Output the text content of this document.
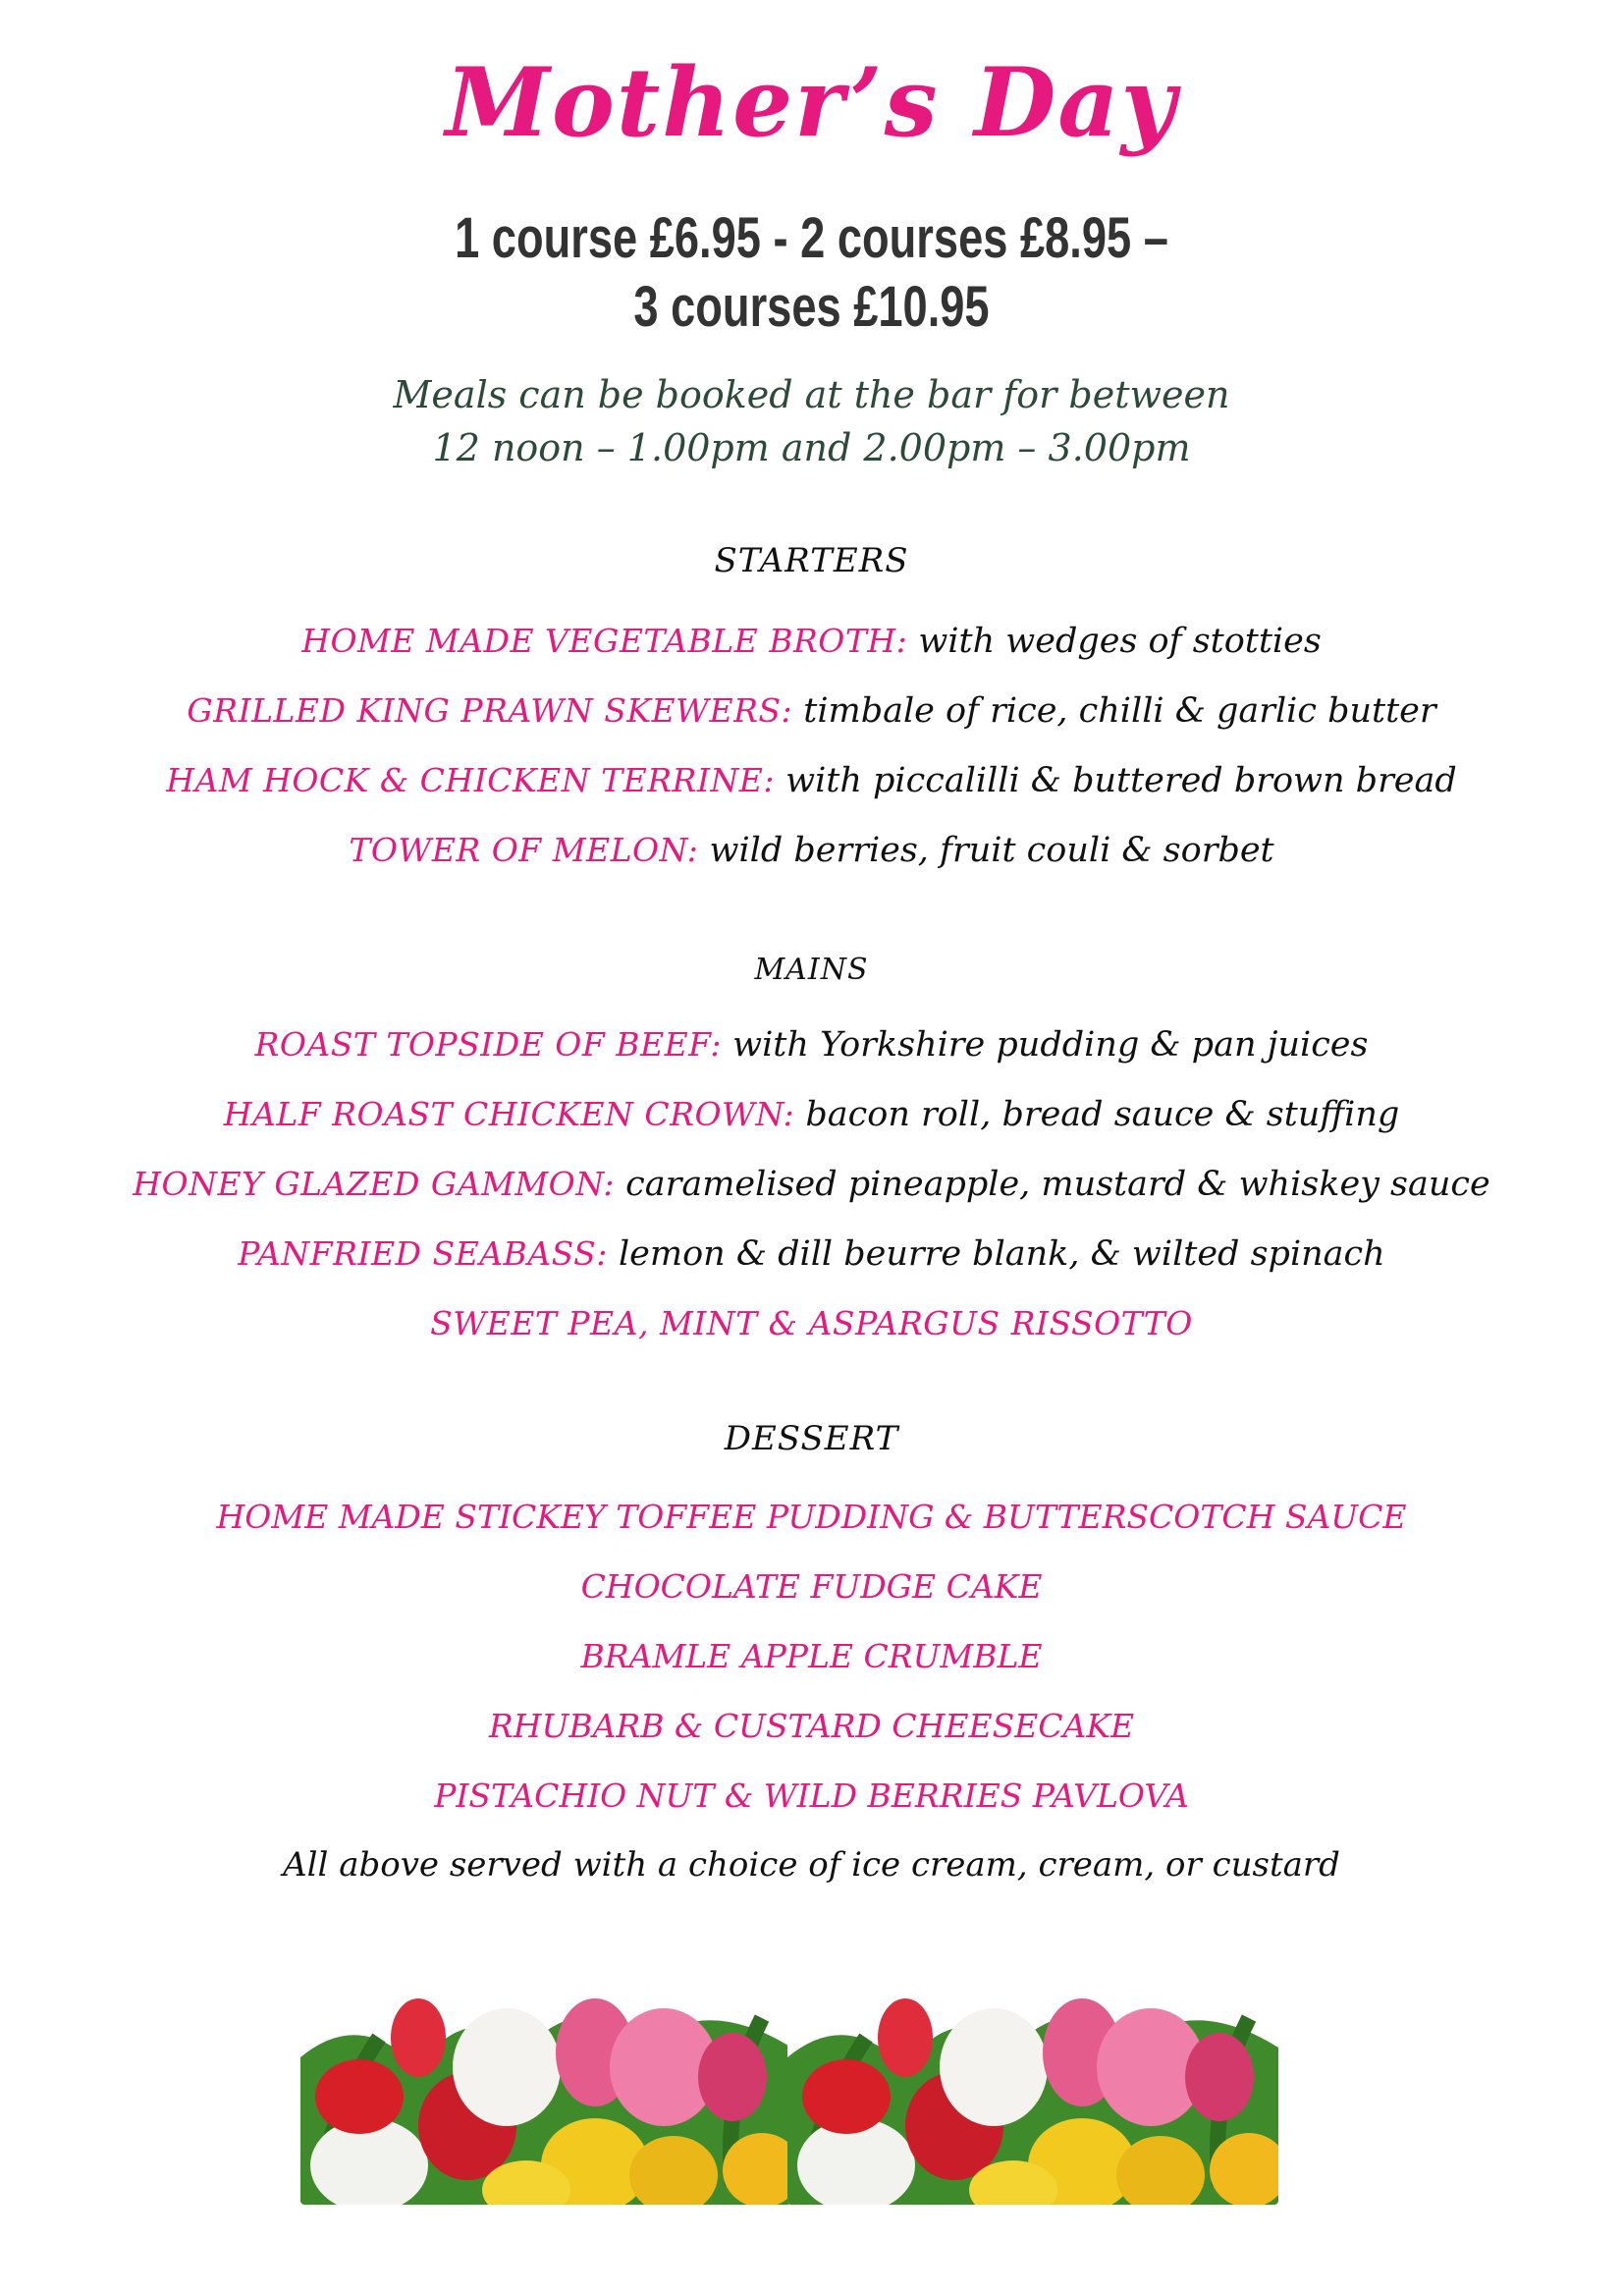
Mother’s Day
1 course £6.95 - 2 courses £8.95 –
3 courses £10.95
Meals can be booked at the bar for between
12 noon – 1.00pm and 2.00pm – 3.00pm
STARTERS
HOME MADE VEGETABLE BROTH: with wedges of stotties
GRILLED KING PRAWN SKEWERS: timbale of rice, chilli & garlic butter
HAM HOCK & CHICKEN TERRINE: with piccalilli & buttered brown bread
TOWER OF MELON: wild berries, fruit couli & sorbet
MAINS
ROAST TOPSIDE OF BEEF: with Yorkshire pudding & pan juices
HALF ROAST CHICKEN CROWN: bacon roll, bread sauce & stuffing
HONEY GLAZED GAMMON: caramelised pineapple, mustard & whiskey sauce
PANFRIED SEABASS: lemon & dill beurre blank, & wilted spinach
SWEET PEA, MINT & ASPARGUS RISSOTTO
DESSERT
HOME MADE STICKEY TOFFEE PUDDING & BUTTERSCOTCH SAUCE
CHOCOLATE FUDGE CAKE
BRAMLE APPLE CRUMBLE
RHUBARB & CUSTARD CHEESECAKE
PISTACHIO NUT & WILD BERRIES PAVLOVA
All above served with a choice of ice cream, cream, or custard
